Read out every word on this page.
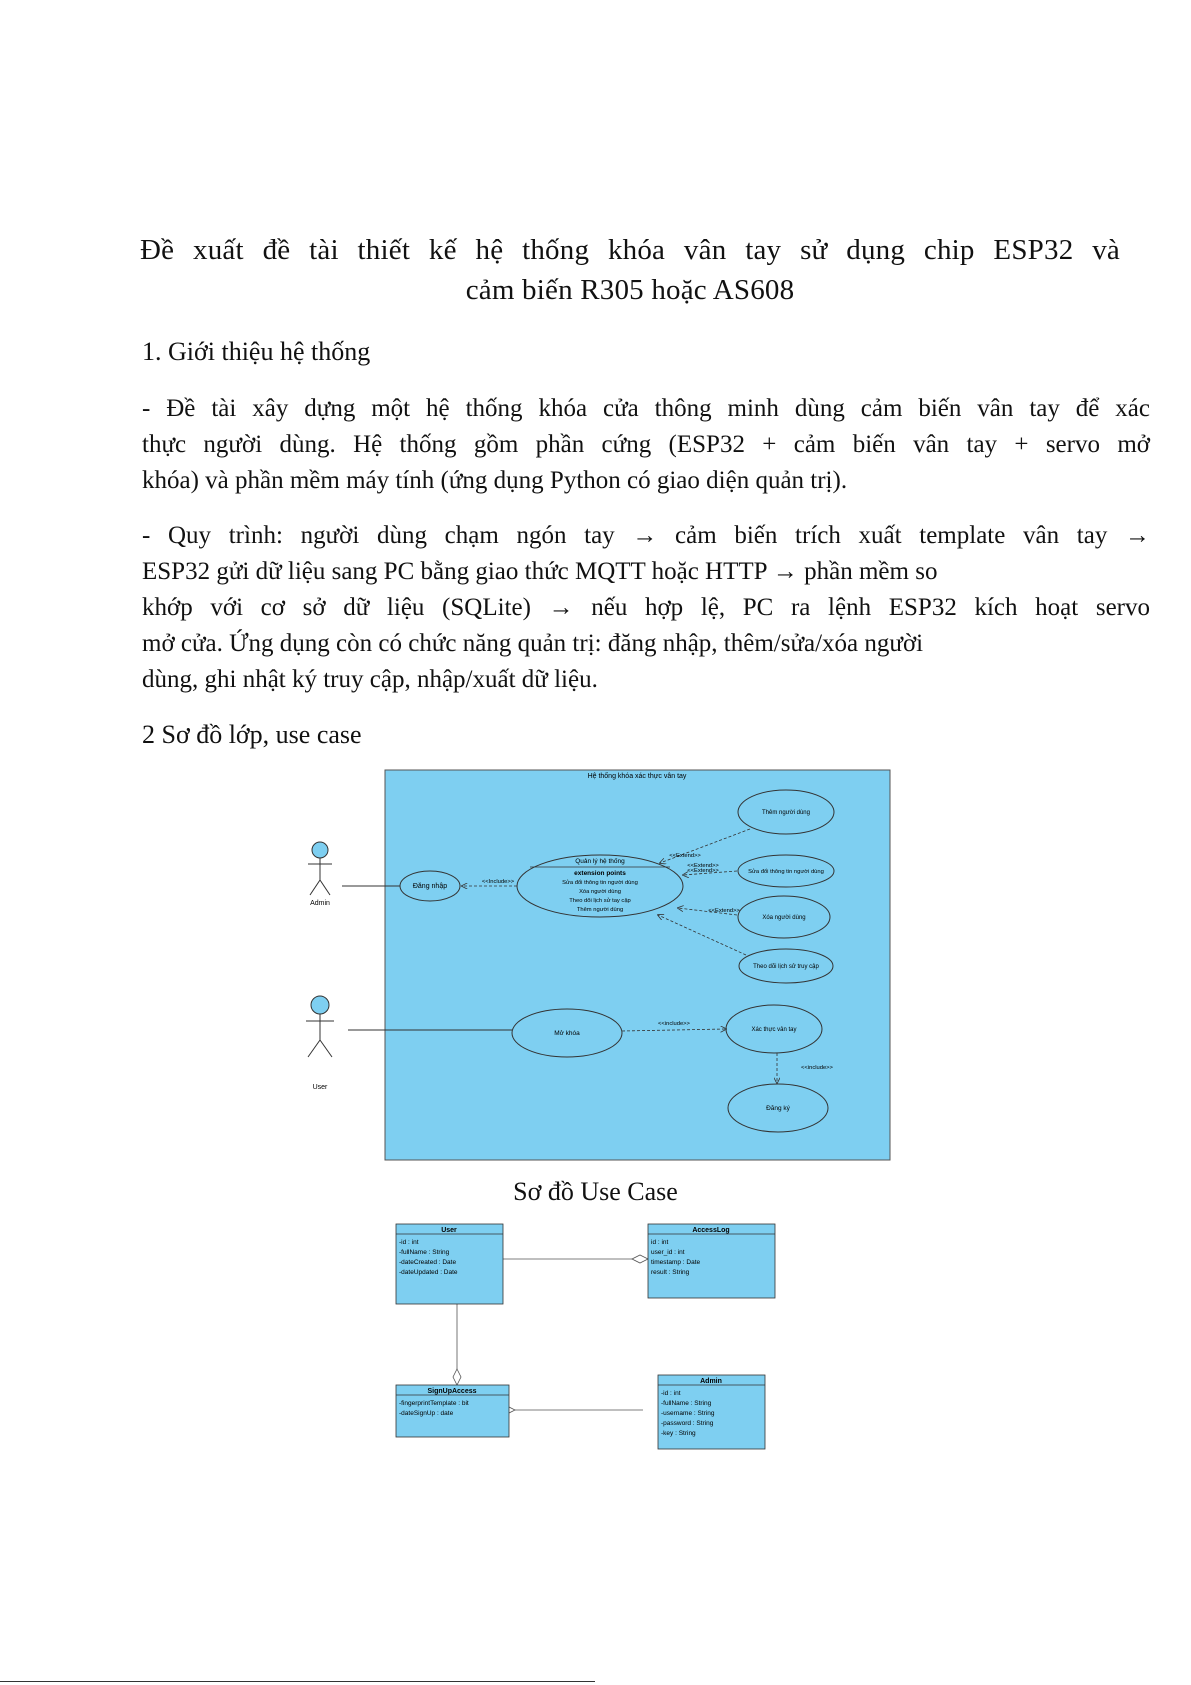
Đề xuất đề tài thiết kế hệ thống khóa vân tay sử dụng chip ESP32 và
cảm biến R305 hoặc AS608
1. Giới thiệu hệ thống
- Đề tài xây dựng một hệ thống khóa cửa thông minh dùng cảm biến vân tay để xác
thực người dùng. Hệ thống gồm phần cứng (ESP32 + cảm biến vân tay + servo mở
khóa) và phần mềm máy tính (ứng dụng Python có giao diện quản trị).
- Quy trình: người dùng chạm ngón tay → cảm biến trích xuất template vân tay →
ESP32 gửi dữ liệu sang PC bằng giao thức MQTT hoặc HTTP → phần mềm so
khớp với cơ sở dữ liệu (SQLite) → nếu hợp lệ, PC ra lệnh ESP32 kích hoạt servo
mở cửa. Ứng dụng còn có chức năng quản trị: đăng nhập, thêm/sửa/xóa người
dùng, ghi nhật ký truy cập, nhập/xuất dữ liệu.
2 Sơ đồ lớp, use case
Hệ thống khóa xác thực vân tay
Admin
User
Đăng nhập
Quản lý hệ thống
extension points
Sửa đổi thông tin người dùng
Xóa người dùng
Theo dõi lịch sử tay cập
Thêm người dùng
Thêm người dùng
Sửa đổi thông tin người dùng
Xóa người dùng
Theo dõi lịch sử truy cập
Mở khóa	Xác thực vân tay
Đăng ký
<<Include>>
<<Extend>>
<<Extend>>
<<Extend>>
<<Extend>>
<<include>>
<<include>>
Sơ đồ Use Case
User
-id : int
-fullName : String
-dateCreated : Date
-dateUpdated : Date
AccessLog
id : int
user_id : int
timestamp : Date
result : String
SignUpAccess
-fingerprintTemplate : bit
-dateSignUp : date
Admin
-id : int
-fullName : String
-username : String
-password : String
-key : String
